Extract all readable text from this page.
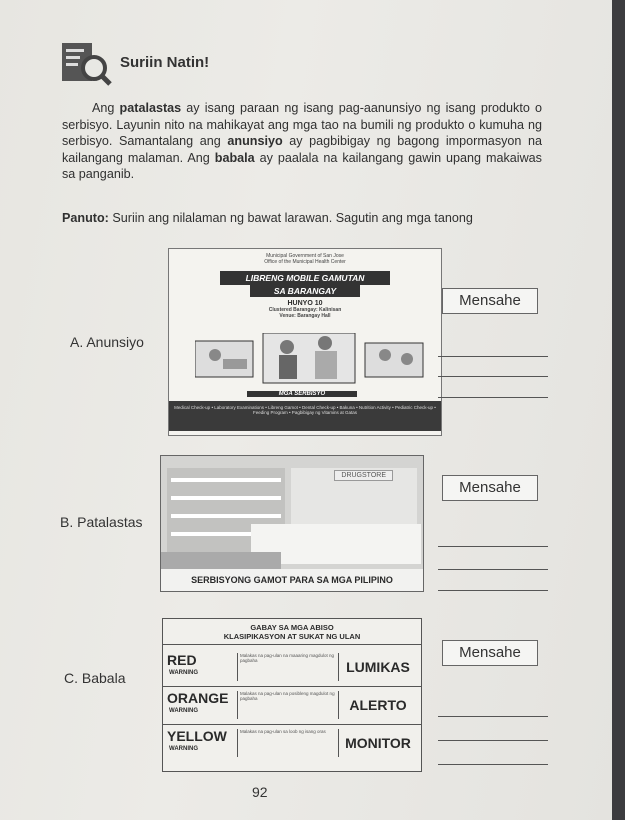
Suriin Natin!
Ang patalastas ay isang paraan ng isang pag-aanunsiyo ng isang produkto o serbisyo. Layunin nito na mahikayat ang mga tao na bumili ng produkto o kumuha ng serbisyo. Samantalang ang anunsiyo ay pagbibigay ng bagong impormasyon na kailangang malaman. Ang babala ay paalala na kailangang gawin upang makaiwas sa panganib.
Panuto: Suriin ang nilalaman ng bawat larawan. Sagutin ang mga tanong
A. Anunsiyo
Municipal Government of San Jose
Office of the Municipal Health Center
LIBRENG MOBILE GAMUTAN
SA BARANGAY
HUNYO 10
Clustered Barangay: Kalinisan
Venue: Barangay Hall
MGA SERBISYO
Medical Check-up • Laboratory Examinations • Libreng Gamot • Dental Check-up • Bakuna • Nutrition Activity • Pediatric Check-up • Feeding Program • Pagbibigay ng Vitamins at Gatas
Mensahe
B. Patalastas
DRUGSTORE
SERBISYONG GAMOT PARA SA MGA PILIPINO
Mensahe
C. Babala
GABAY SA MGA ABISO
KLASIPIKASYON AT SUKAT NG ULAN
RED
WARNING
Malakas na pag-ulan na maaaring magdulot ng pagbaha	LUMIKAS
ORANGE
WARNING
Malakas na pag-ulan na posibleng magdulot ng pagbaha	ALERTO
YELLOW
WARNING
Malakas na pag-ulan sa loob ng isang oras
MONITOR
Mensahe
92
